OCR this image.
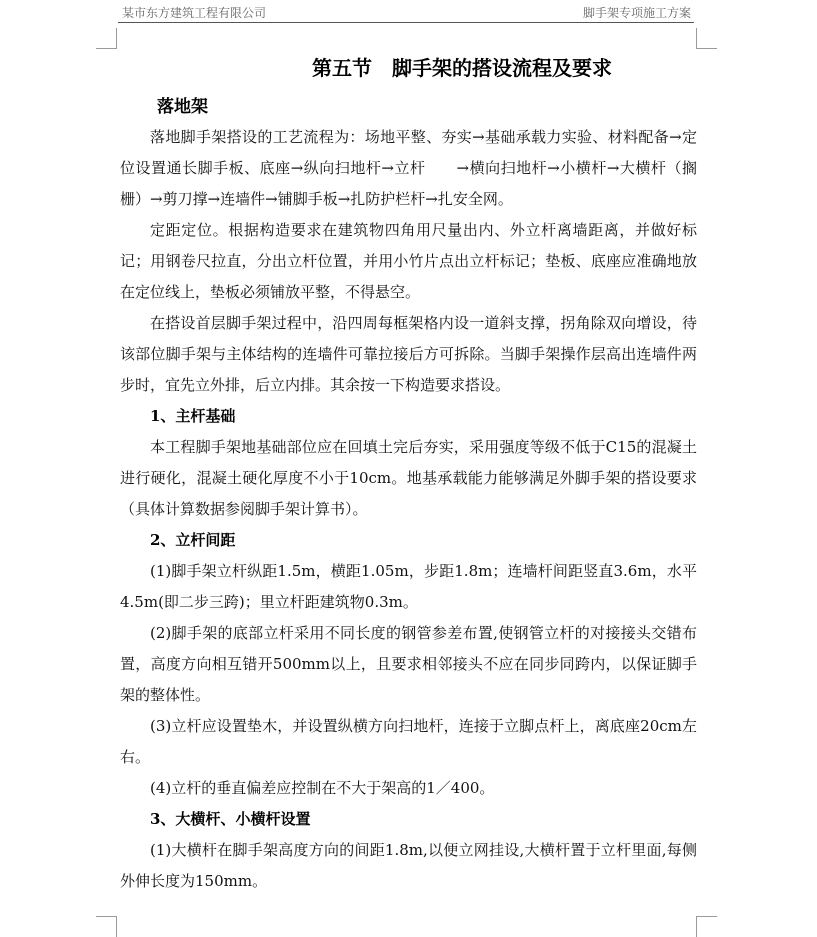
某市东方建筑工程有限公司	脚手架专项施工方案
第五节　脚手架的搭设流程及要求
落地架

落地脚手架搭设的工艺流程为：场地平整、夯实→基础承载力实验、材料配备→定位设置通长脚手板、底座→纵向扫地杆→立杆　　→横向扫地杆→小横杆→大横杆（搁栅）→剪刀撑→连墙件→铺脚手板→扎防护栏杆→扎安全网。

定距定位。根据构造要求在建筑物四角用尺量出内、外立杆离墙距离，并做好标记；用钢卷尺拉直，分出立杆位置，并用小竹片点出立杆标记；垫板、底座应准确地放在定位线上，垫板必须铺放平整，不得悬空。

在搭设首层脚手架过程中，沿四周每框架格内设一道斜支撑，拐角除双向增设，待该部位脚手架与主体结构的连墙件可靠拉接后方可拆除。当脚手架操作层高出连墙件两步时，宜先立外排，后立内排。其余按一下构造要求搭设。

1、主杆基础

本工程脚手架地基础部位应在回填土完后夯实，采用强度等级不低于C15的混凝土进行硬化，混凝土硬化厚度不小于10cm。地基承载能力能够满足外脚手架的搭设要求（具体计算数据参阅脚手架计算书）。

2、立杆间距

(1)脚手架立杆纵距1.5m，横距1.05m，步距1.8m；连墙杆间距竖直3.6m，水平4.5m(即二步三跨)；里立杆距建筑物0.3m。

(2)脚手架的底部立杆采用不同长度的钢管参差布置,使钢管立杆的对接接头交错布置，高度方向相互错开500mm以上，且要求相邻接头不应在同步同跨内，以保证脚手架的整体性。

(3)立杆应设置垫木，并设置纵横方向扫地杆，连接于立脚点杆上，离底座20cm左右。

(4)立杆的垂直偏差应控制在不大于架高的1／400。

3、大横杆、小横杆设置

(1)大横杆在脚手架高度方向的间距1.8m,以便立网挂设,大横杆置于立杆里面,每侧外伸长度为150mm。
